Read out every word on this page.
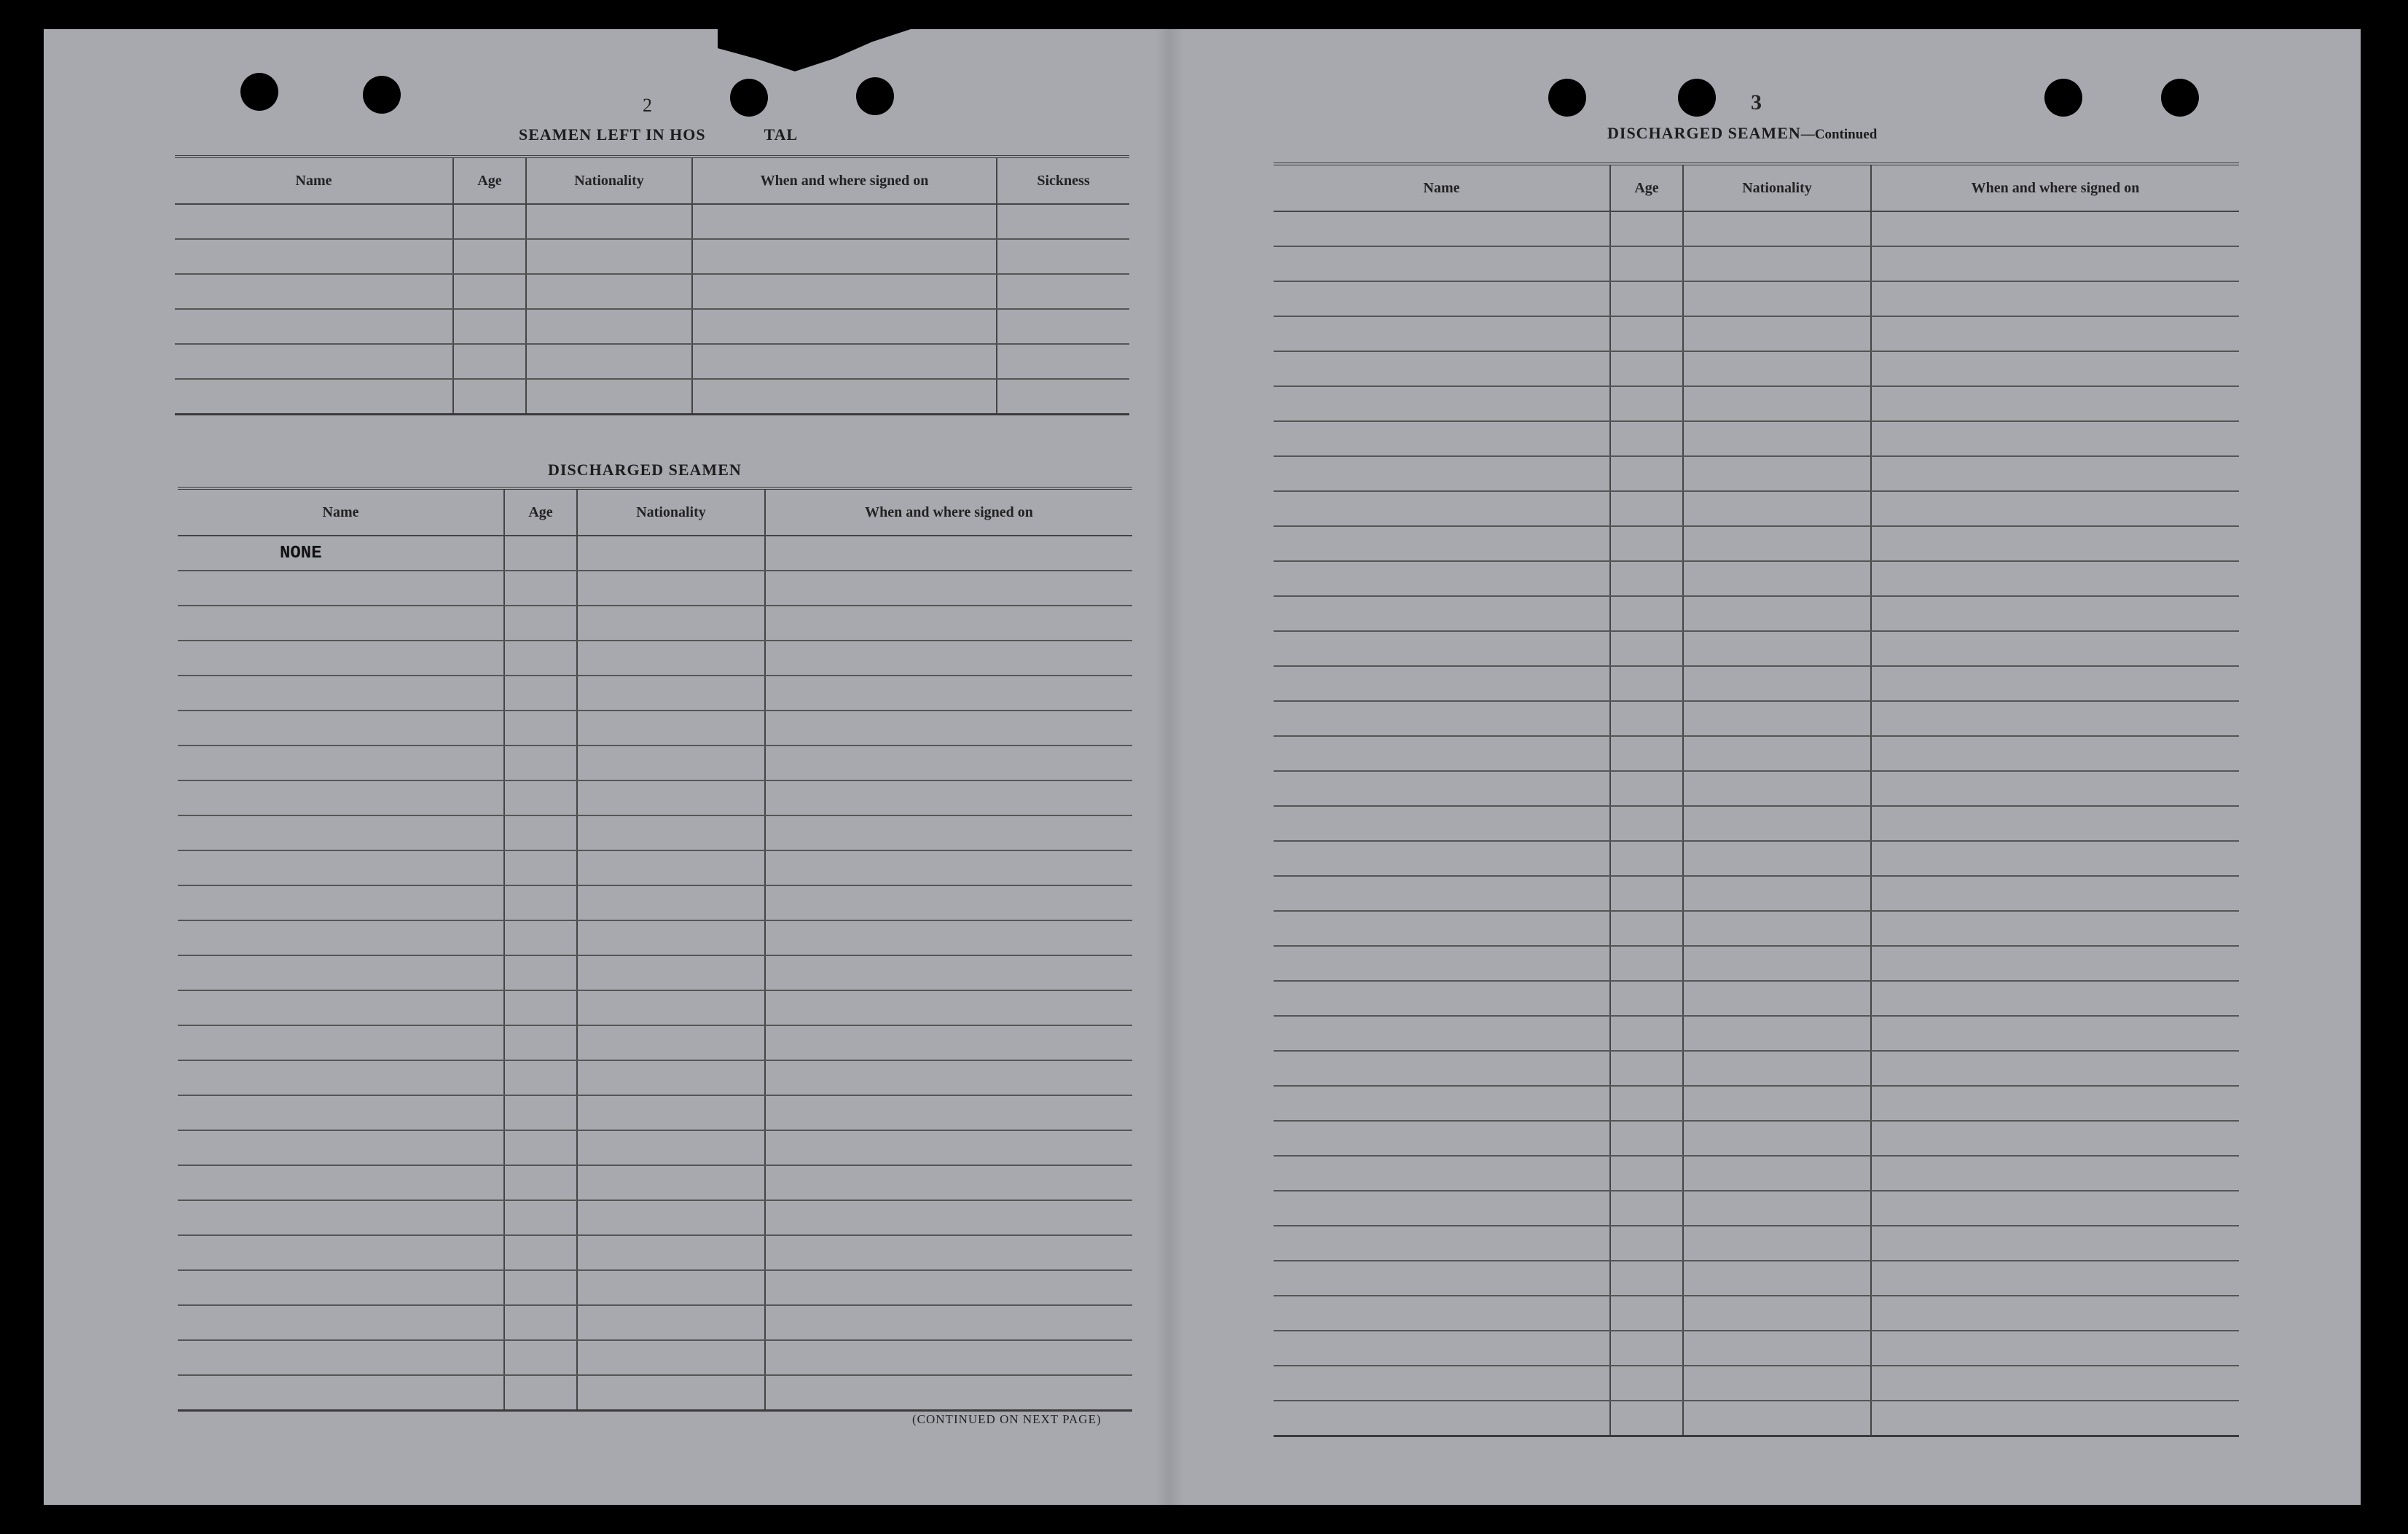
2
SEAMEN LEFT IN HOS	TAL
Name	Age	Nationality	When and where signed on	Sickness

DISCHARGED SEAMEN
Name	Age	Nationality	When and where signed on
NONE			

(CONTINUED ON NEXT PAGE)
3
DISCHARGED SEAMEN—Continued
Name	Age	Nationality	When and where signed on
